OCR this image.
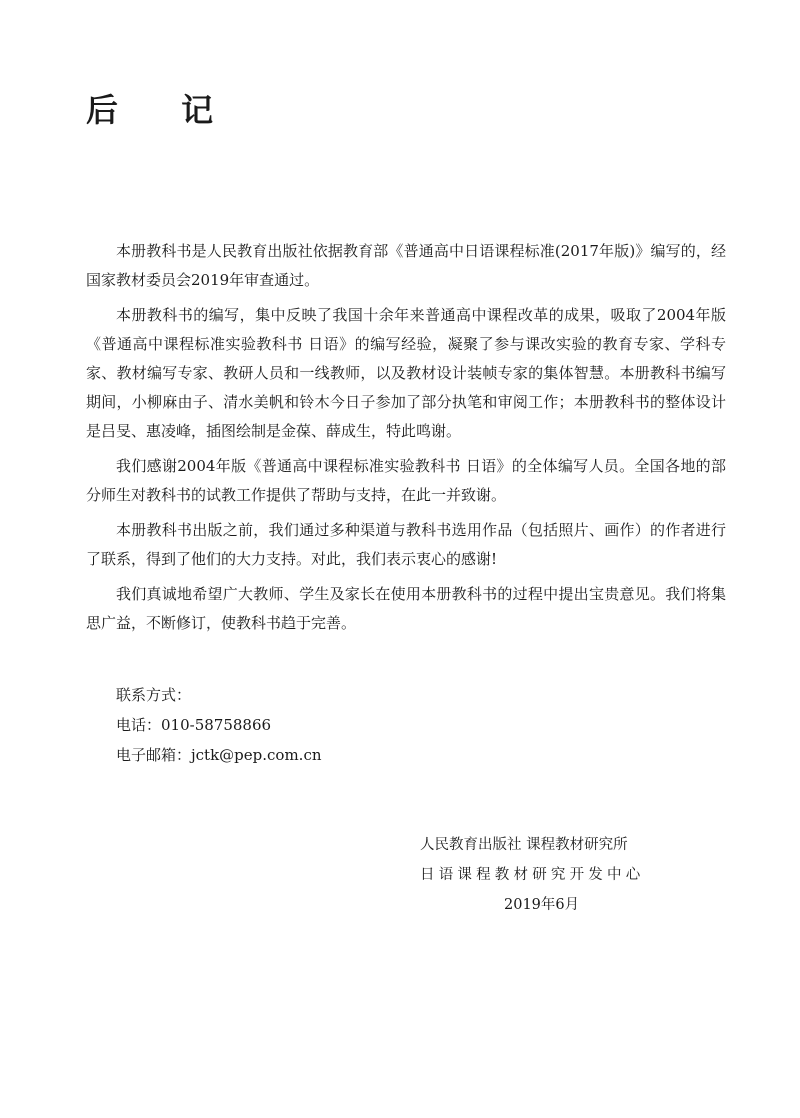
后 记

本册教科书是人民教育出版社依据教育部《普通高中日语课程标准(2017年版)》编写的，经国家教材委员会2019年审查通过。

本册教科书的编写，集中反映了我国十余年来普通高中课程改革的成果，吸取了2004年版《普通高中课程标准实验教科书 日语》的编写经验，凝聚了参与课改实验的教育专家、学科专家、教材编写专家、教研人员和一线教师，以及教材设计装帧专家的集体智慧。本册教科书编写期间，小柳麻由子、清水美帆和铃木今日子参加了部分执笔和审阅工作；本册教科书的整体设计是吕旻、惠凌峰，插图绘制是金葆、薛成生，特此鸣谢。

我们感谢2004年版《普通高中课程标准实验教科书 日语》的全体编写人员。全国各地的部分师生对教科书的试教工作提供了帮助与支持，在此一并致谢。

本册教科书出版之前，我们通过多种渠道与教科书选用作品（包括照片、画作）的作者进行了联系，得到了他们的大力支持。对此，我们表示衷心的感谢!

我们真诚地希望广大教师、学生及家长在使用本册教科书的过程中提出宝贵意见。我们将集思广益，不断修订，使教科书趋于完善。

联系方式：
电话：010-58758866
电子邮箱：jctk@pep.com.cn
人民教育出版社 课程教材研究所
日语课程教材研究开发中心
2019年6月
